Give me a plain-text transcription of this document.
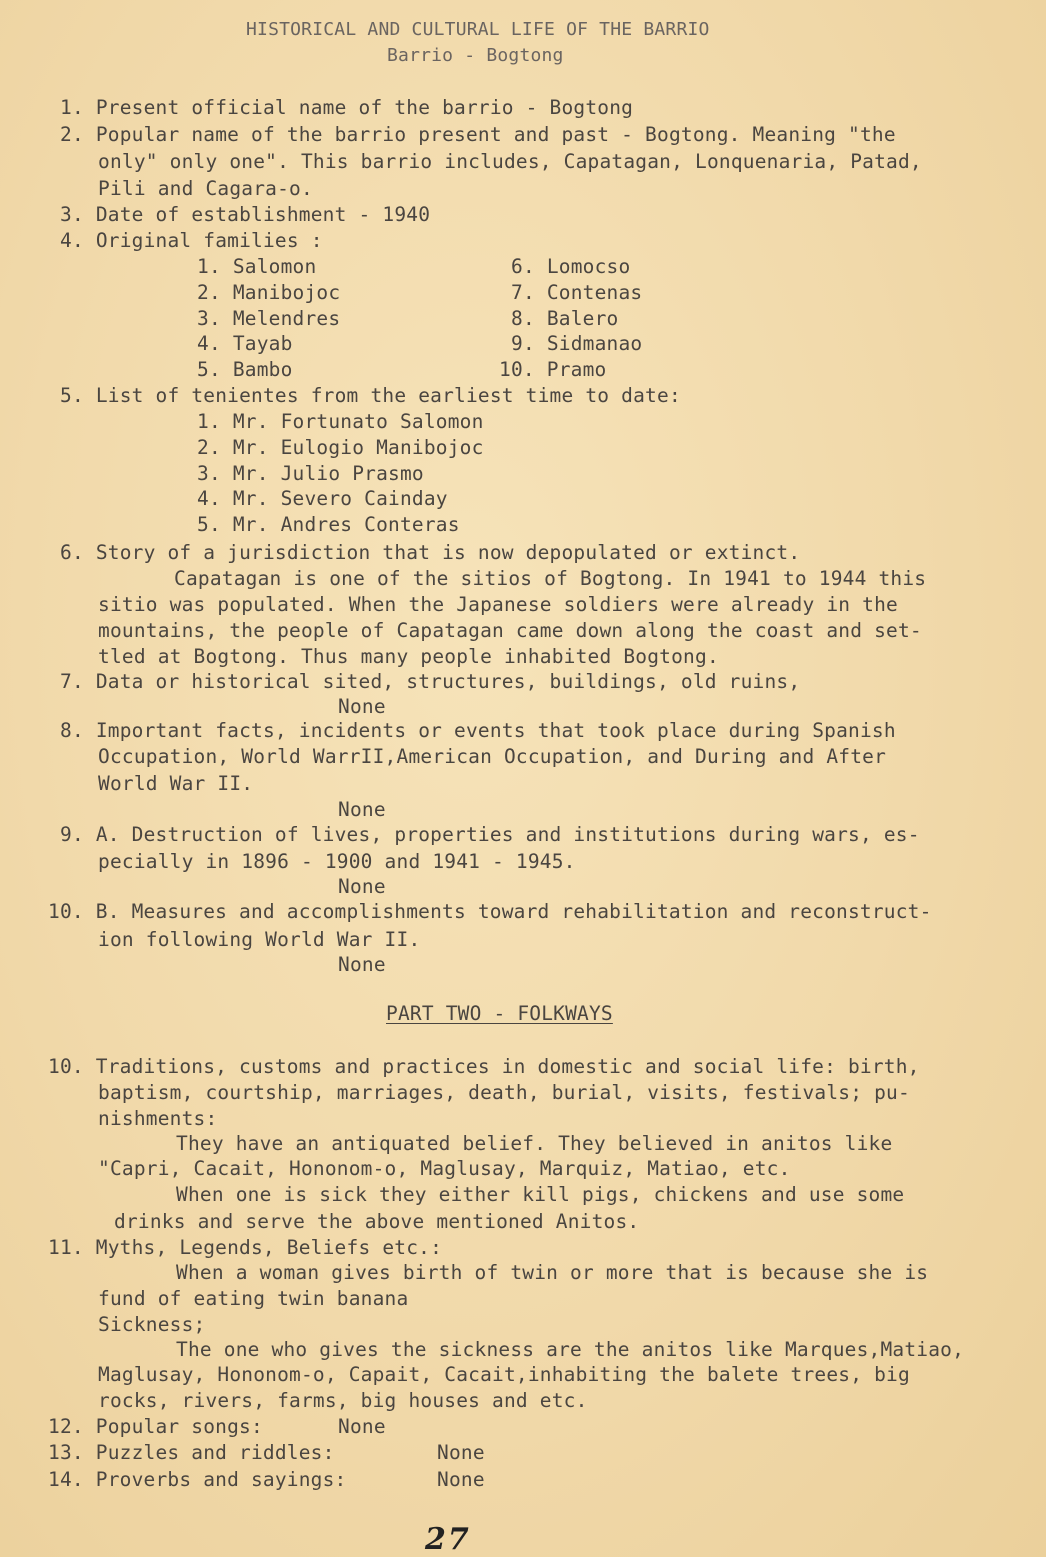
HISTORICAL AND CULTURAL LIFE OF THE BARRIO
Barrio - Bogtong
1. Present official name of the barrio - Bogtong
2. Popular name of the barrio present and past - Bogtong. Meaning "the
only" only one". This barrio includes, Capatagan, Lonquenaria, Patad,
Pili and Cagara-o.
3. Date of establishment - 1940
4. Original families :
1. Salomon
2. Manibojoc
3. Melendres
4. Tayab
5. Bambo
6. Lomocso
7. Contenas
8. Balero
9. Sidmanao
10. Pramo
5. List of tenientes from the earliest time to date:
1. Mr. Fortunato Salomon
2. Mr. Eulogio Manibojoc
3. Mr. Julio Prasmo
4. Mr. Severo Cainday
5. Mr. Andres Conteras
6. Story of a jurisdiction that is now depopulated or extinct.
Capatagan is one of the sitios of Bogtong. In 1941 to 1944 this
sitio was populated. When the Japanese soldiers were already in the
mountains, the people of Capatagan came down along the coast and set-
tled at Bogtong. Thus many people inhabited Bogtong.
7. Data or historical sited, structures, buildings, old ruins,
None
8. Important facts, incidents or events that took place during Spanish
Occupation, World WarrII,American Occupation, and During and After
World War II.
None
9. A. Destruction of lives, properties and institutions during wars, es-
pecially in 1896 - 1900 and 1941 - 1945.
None
10. B. Measures and accomplishments toward rehabilitation and reconstruct-
ion following World War II.
None
PART TWO - FOLKWAYS
10. Traditions, customs and practices in domestic and social life: birth,
baptism, courtship, marriages, death, burial, visits, festivals; pu-
nishments:
They have an antiquated belief. They believed in anitos like
"Capri, Cacait, Hononom-o, Maglusay, Marquiz, Matiao, etc.
When one is sick they either kill pigs, chickens and use some
drinks and serve the above mentioned Anitos.
11. Myths, Legends, Beliefs etc.:
When a woman gives birth of twin or more that is because she is
fund of eating twin banana
Sickness;
The one who gives the sickness are the anitos like Marques,Matiao,
Maglusay, Hononom-o, Capait, Cacait,inhabiting the balete trees, big
rocks, rivers, farms, big houses and etc.
12. Popular songs:	None
13. Puzzles and riddles:	None
14. Proverbs and sayings:	None
27
